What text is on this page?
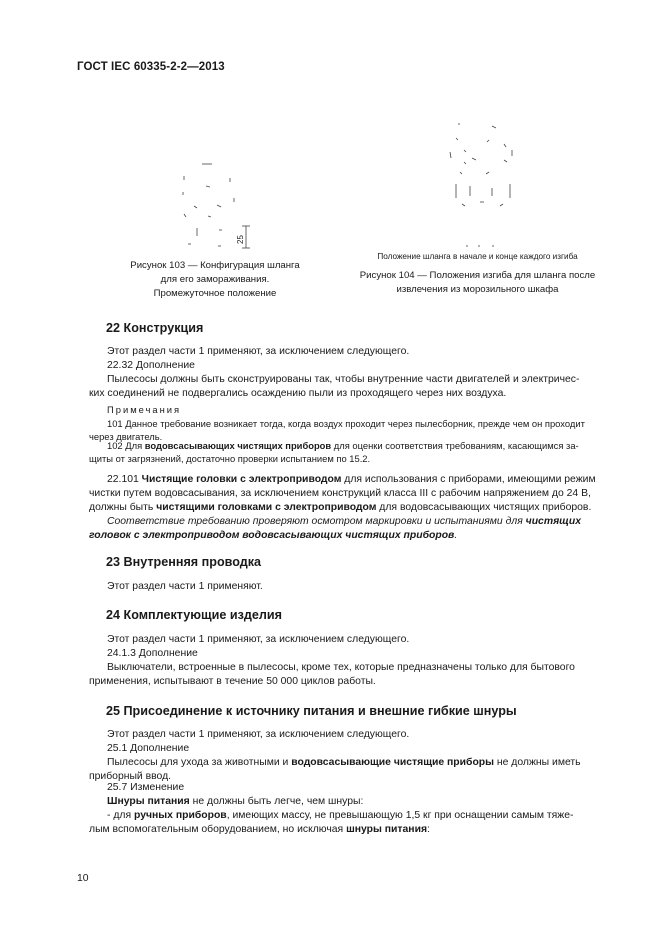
ГОСТ IEC 60335-2-2—2013
25
Рисунок 103 — Конфигурация шланга
для его замораживания.
Промежуточное положение
Положение шланга в начале и конце каждого изгиба
Рисунок 104 — Положения изгиба для шланга после
извлечения из морозильного шкафа
22 Конструкция
Этот раздел части 1 применяют, за исключением следующего.
22.32 Дополнение
Пылесосы должны быть сконструированы так, чтобы внутренние части двигателей и электричес-
ких соединений не подвергались осаждению пыли из проходящего через них воздуха.
Примечания
101 Данное требование возникает тогда, когда воздух проходит через пылесборник, прежде чем он проходит
через двигатель.
102 Для водовсасывающих чистящих приборов для оценки соответствия требованиям, касающимся за-
щиты от загрязнений, достаточно проверки испытанием по 15.2.
22.101 Чистящие головки с электроприводом для использования с приборами, имеющими режим
чистки путем водовсасывания, за исключением конструкций класса III с рабочим напряжением до 24 В,
должны быть чистящими головками с электроприводом для водовсасывающих чистящих приборов.
Соответствие требованию проверяют осмотром маркировки и испытаниями для чистящих
головок с электроприводом водовсасывающих чистящих приборов.
23 Внутренняя проводка
Этот раздел части 1 применяют.
24 Комплектующие изделия
Этот раздел части 1 применяют, за исключением следующего.
24.1.3 Дополнение
Выключатели, встроенные в пылесосы, кроме тех, которые предназначены только для бытового
применения, испытывают в течение 50 000 циклов работы.
25 Присоединение к источнику питания и внешние гибкие шнуры
Этот раздел части 1 применяют, за исключением следующего.
25.1 Дополнение
Пылесосы для ухода за животными и водовсасывающие чистящие приборы не должны иметь
приборный ввод.
25.7 Изменение
Шнуры питания не должны быть легче, чем шнуры:
- для ручных приборов, имеющих массу, не превышающую 1,5 кг при оснащении самым тяже-
лым вспомогательным оборудованием, но исключая шнуры питания:
10
